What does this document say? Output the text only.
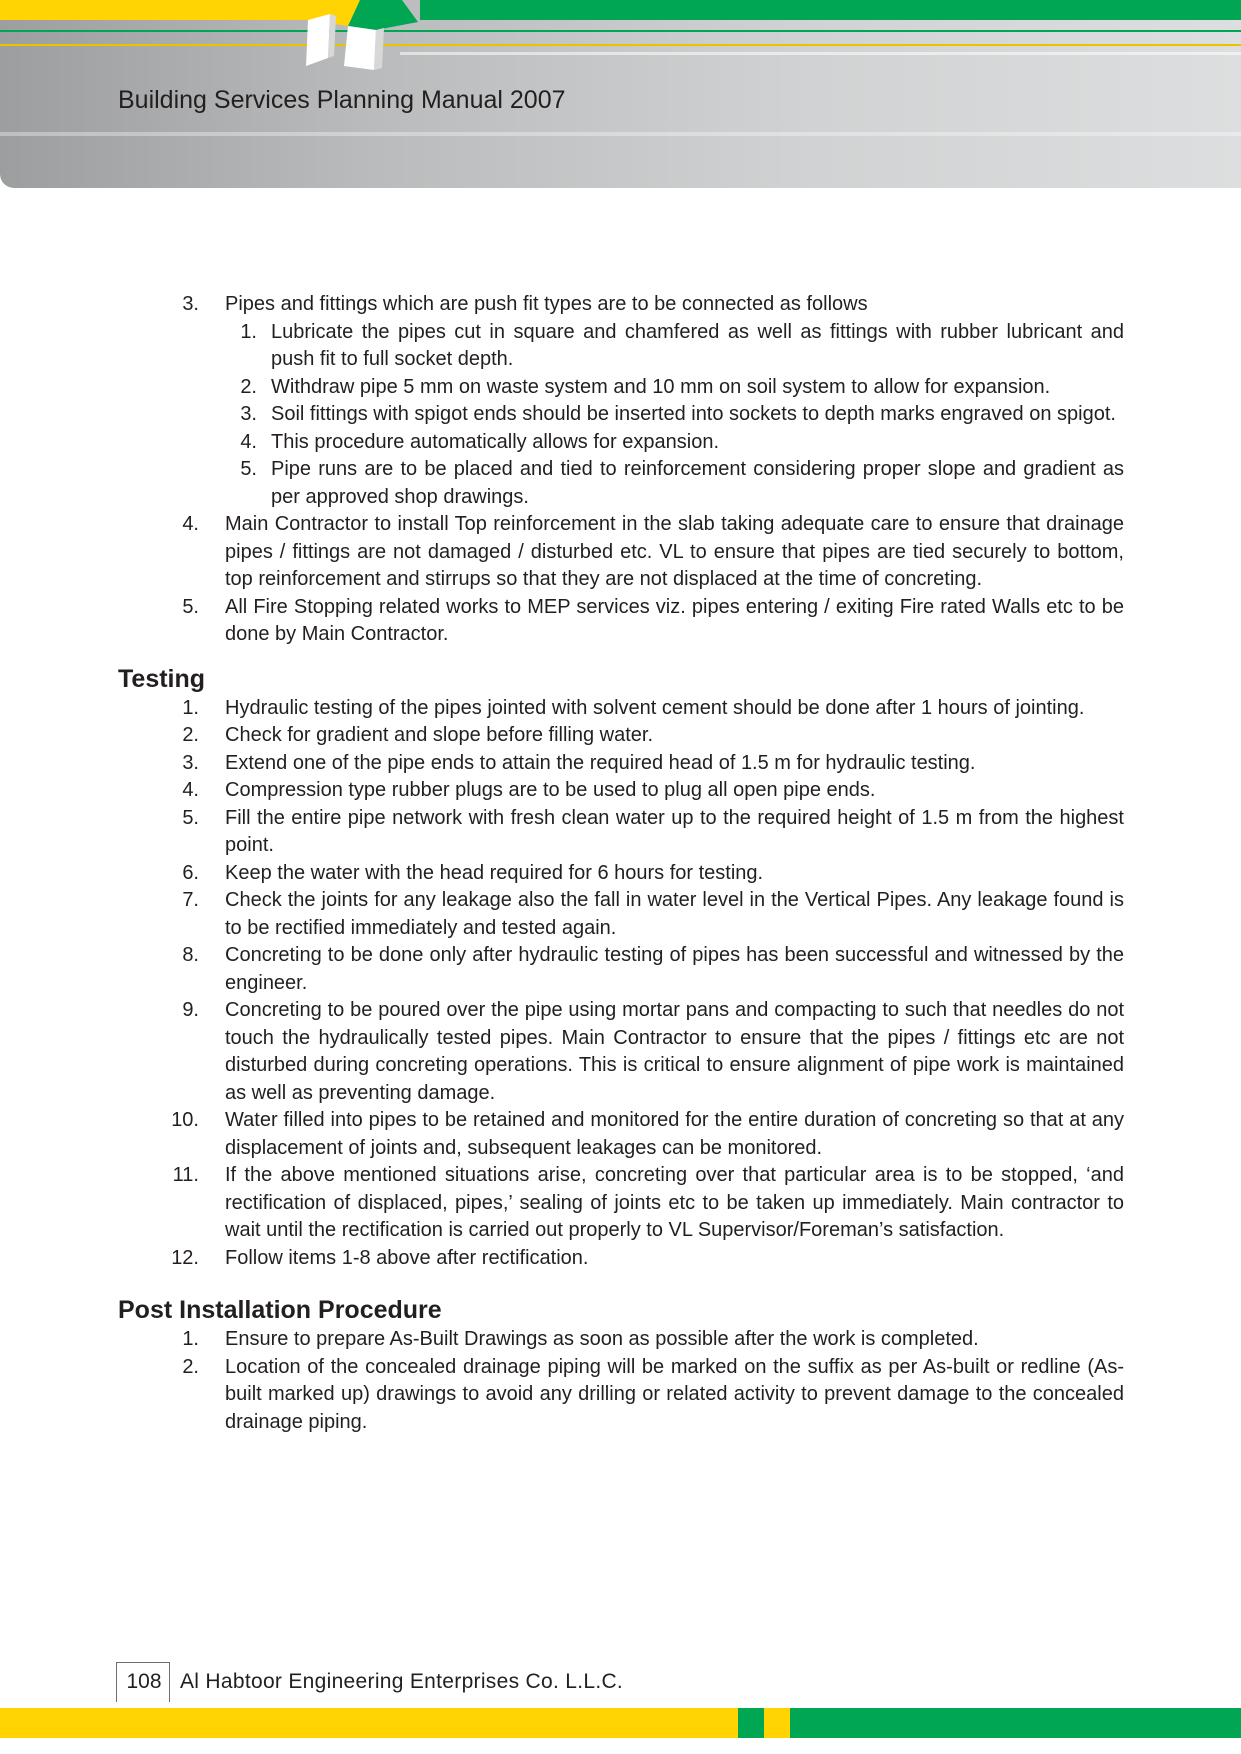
Building Services Planning Manual 2007
3. Pipes and fittings which are push fit types are to be connected as follows
1. Lubricate the pipes cut in square and chamfered as well as fittings with rubber lubricant and push fit to full socket depth.
2. Withdraw pipe 5 mm on waste system and 10 mm on soil system to allow for expansion.
3. Soil fittings with spigot ends should be inserted into sockets to depth marks engraved on spigot.
4. This procedure automatically allows for expansion.
5. Pipe runs are to be placed and tied to reinforcement considering proper slope and gradient as per approved shop drawings.
4. Main Contractor to install Top reinforcement in the slab taking adequate care to ensure that drainage pipes / fittings are not damaged / disturbed etc. VL to ensure that pipes are tied securely to bottom, top reinforcement and stirrups so that they are not displaced at the time of concreting.
5. All Fire Stopping related works to MEP services viz. pipes entering / exiting Fire rated Walls etc to be done by Main Contractor.
Testing
1. Hydraulic testing of the pipes jointed with solvent cement should be done after 1 hours of jointing.
2. Check for gradient and slope before filling water.
3. Extend one of the pipe ends to attain the required head of 1.5 m for hydraulic testing.
4. Compression type rubber plugs are to be used to plug all open pipe ends.
5. Fill the entire pipe network with fresh clean water up to the required height of 1.5 m from the highest point.
6. Keep the water with the head required for 6 hours for testing.
7. Check the joints for any leakage also the fall in water level in the Vertical Pipes. Any leakage found is to be rectified immediately and tested again.
8. Concreting to be done only after hydraulic testing of pipes has been successful and witnessed by the engineer.
9. Concreting to be poured over the pipe using mortar pans and compacting to such that needles do not touch the hydraulically tested pipes. Main Contractor to ensure that the pipes / fittings etc are not disturbed during concreting operations. This is critical to ensure alignment of pipe work is maintained as well as preventing damage.
10. Water filled into pipes to be retained and monitored for the entire duration of concreting so that at any displacement of joints and, subsequent leakages can be monitored.
11. If the above mentioned situations arise, concreting over that particular area is to be stopped, ‘and rectification of displaced, pipes,’ sealing of joints etc to be taken up immediately. Main contractor to wait until the rectification is carried out properly to VL Supervisor/Foreman’s satisfaction.
12. Follow items 1-8 above after rectification.
Post Installation Procedure
1. Ensure to prepare As-Built Drawings as soon as possible after the work is completed.
2. Location of the concealed drainage piping will be marked on the suffix as per As-built or redline (As-built marked up) drawings to avoid any drilling or related activity to prevent damage to the concealed drainage piping.
108 Al Habtoor Engineering Enterprises Co. L.L.C.
